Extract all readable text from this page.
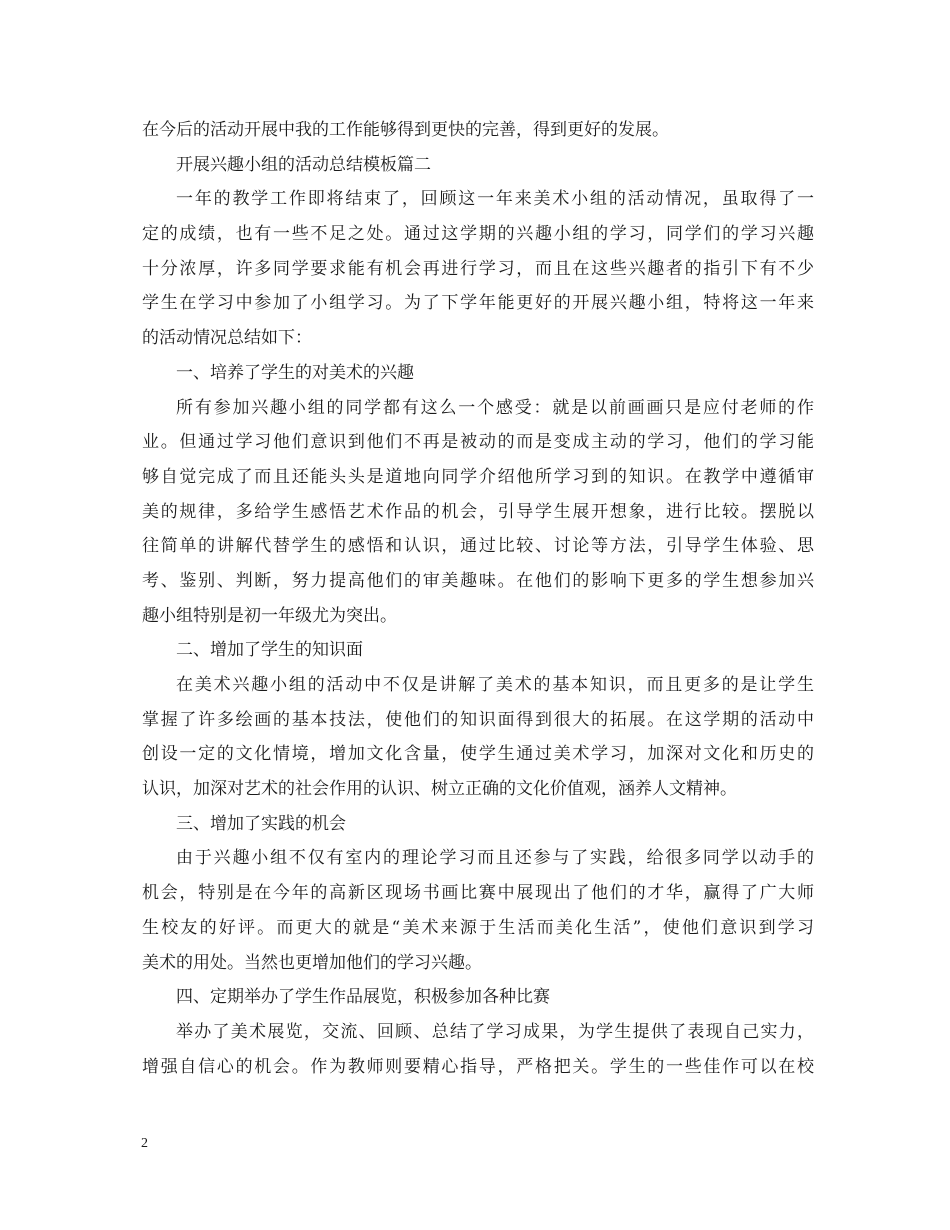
在今后的活动开展中我的工作能够得到更快的完善，得到更好的发展。
开展兴趣小组的活动总结模板篇二
一年的教学工作即将结束了，回顾这一年来美术小组的活动情况，虽取得了一
定的成绩，也有一些不足之处。通过这学期的兴趣小组的学习，同学们的学习兴趣
十分浓厚，许多同学要求能有机会再进行学习，而且在这些兴趣者的指引下有不少
学生在学习中参加了小组学习。为了下学年能更好的开展兴趣小组，特将这一年来
的活动情况总结如下：
一、培养了学生的对美术的兴趣
所有参加兴趣小组的同学都有这么一个感受：就是以前画画只是应付老师的作
业。但通过学习他们意识到他们不再是被动的而是变成主动的学习，他们的学习能
够自觉完成了而且还能头头是道地向同学介绍他所学习到的知识。在教学中遵循审
美的规律，多给学生感悟艺术作品的机会，引导学生展开想象，进行比较。摆脱以
往简单的讲解代替学生的感悟和认识，通过比较、讨论等方法，引导学生体验、思
考、鉴别、判断，努力提高他们的审美趣味。在他们的影响下更多的学生想参加兴
趣小组特别是初一年级尤为突出。
二、增加了学生的知识面
在美术兴趣小组的活动中不仅是讲解了美术的基本知识，而且更多的是让学生
掌握了许多绘画的基本技法，使他们的知识面得到很大的拓展。在这学期的活动中
创设一定的文化情境，增加文化含量，使学生通过美术学习，加深对文化和历史的
认识，加深对艺术的社会作用的认识、树立正确的文化价值观，涵养人文精神。
三、增加了实践的机会
由于兴趣小组不仅有室内的理论学习而且还参与了实践，给很多同学以动手的
机会，特别是在今年的高新区现场书画比赛中展现出了他们的才华，赢得了广大师
生校友的好评。而更大的就是“美术来源于生活而美化生活”，使他们意识到学习
美术的用处。当然也更增加他们的学习兴趣。
四、定期举办了学生作品展览，积极参加各种比赛
举办了美术展览，交流、回顾、总结了学习成果，为学生提供了表现自己实力，
增强自信心的机会。作为教师则要精心指导，严格把关。学生的一些佳作可以在校
2
